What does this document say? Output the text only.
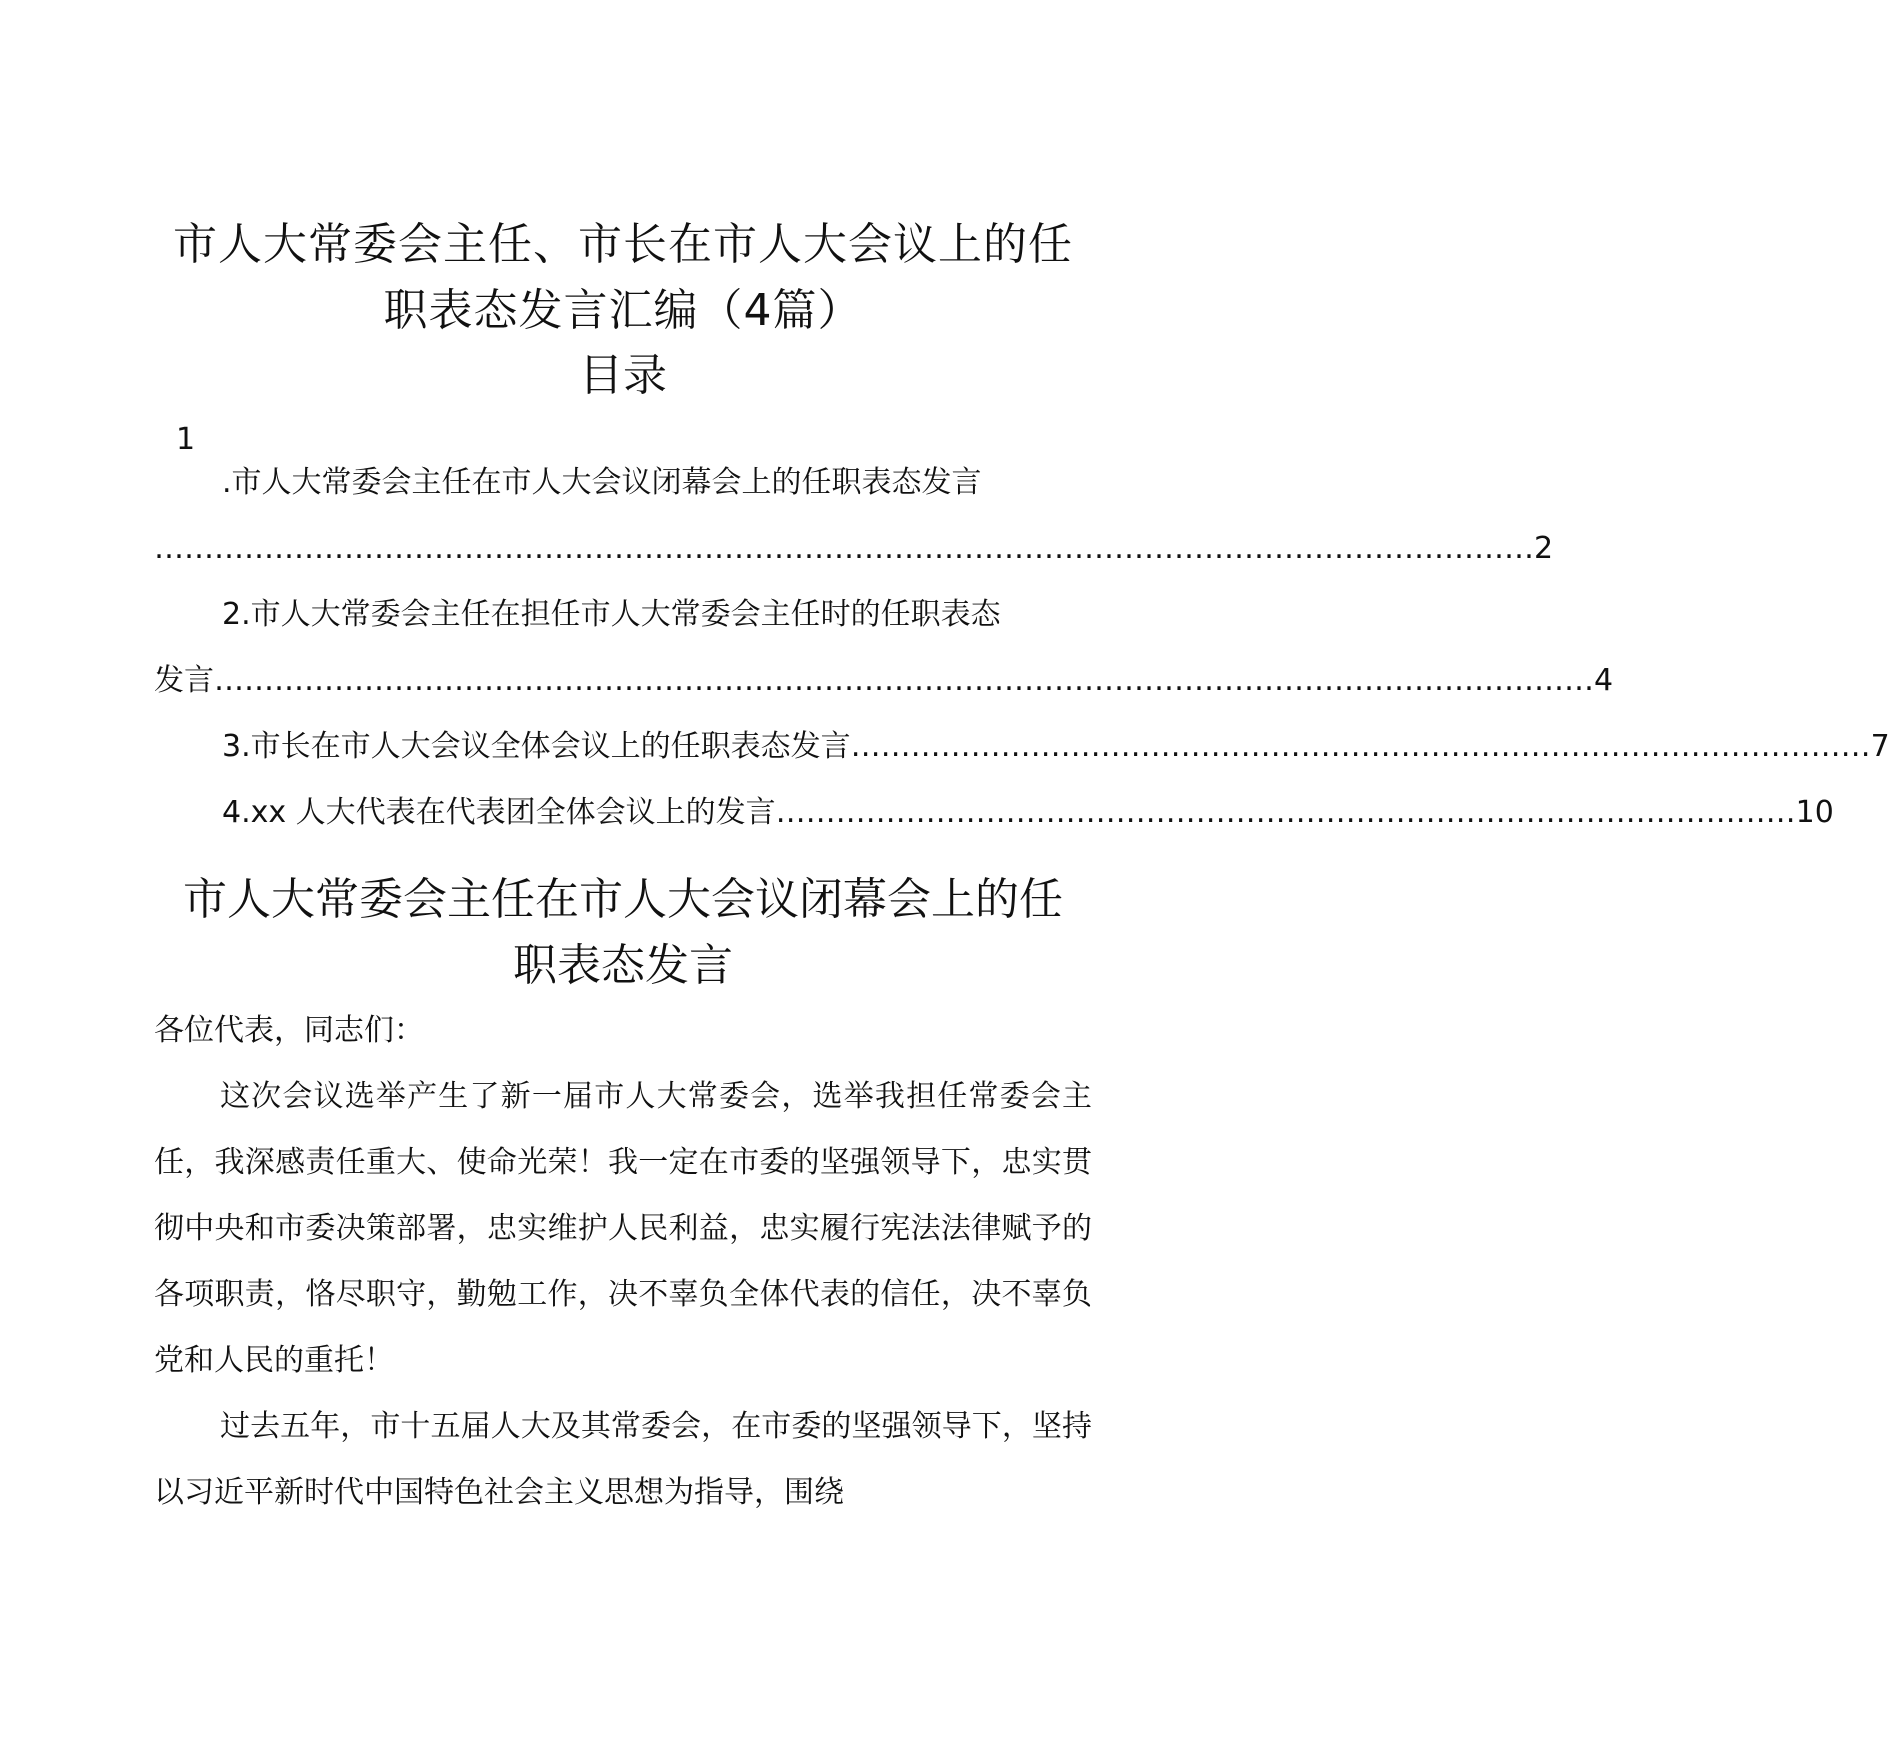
市人大常委会主任、市长在市人大会议上的任
职表态发言汇编（4篇）
目录
1
.市人大常委会主任在市人大会议闭幕会上的任职表态发言
………………………………………………………………………………………………………………………… 2
2.市人大常委会主任在担任市人大常委会主任时的任职表态
发言 ………………………………………………………………………………………………………………………… 4
3.市长在市人大会议全体会议上的任职表态发言 ………………………………………………………………………………………… 7
4.xx 人大代表在代表团全体会议上的发言 ………………………………………………………………………………………… 10
市人大常委会主任在市人大会议闭幕会上的任
职表态发言
各位代表，同志们：

这次会议选举产生了新一届市人大常委会，选举我担任常委会主任，我深感责任重大、使命光荣！我一定在市委的坚强领导下，忠实贯彻中央和市委决策部署，忠实维护人民利益，忠实履行宪法法律赋予的各项职责，恪尽职守，勤勉工作，决不辜负全体代表的信任，决不辜负党和人民的重托！

过去五年，市十五届人大及其常委会，在市委的坚强领导下，坚持以习近平新时代中国特色社会主义思想为指导，围绕
